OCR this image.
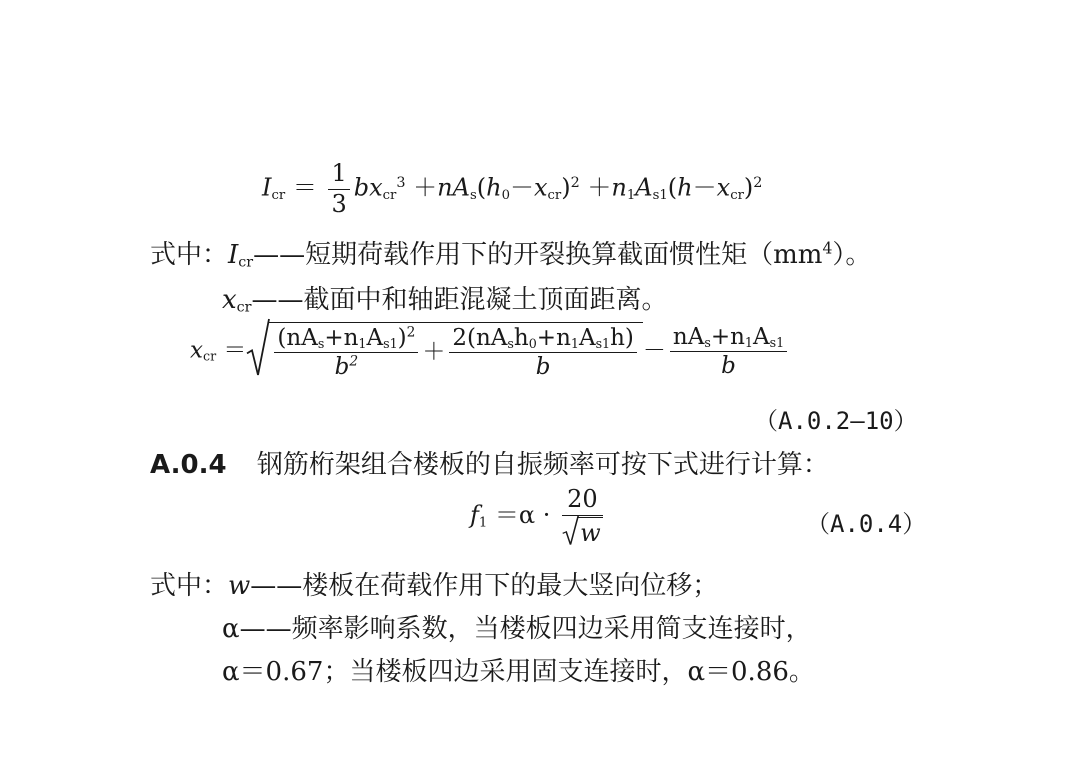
$I_{cr} = \frac{1}{3} bx_{cr}^3 +nA_s(h_0-x_{cr})^2 +n_1A_{s1}(h-x_{cr})^2$
式中：$I_{cr}——$短期荷载作用下的开裂换算截面惯性矩$(mm^4)$。
$x_{cr}——$截面中和轴距混凝土顶面距离。
$x_{cr} = \frac{(nA_s+n_1A_{s1})^2}{b^2} + \frac{2(nA_sh_0+n_1A_{s1}h)}{b} - \frac{nA_s+n_1A_{s1}}{b}$
（A.0.2—10）
A.0.4 钢筋桁架组合楼板的自振频率可按下式进行计算：
$f_1 =\alpha \cdot \frac{20}{w}$	（A.0.4）
式中：w——楼板在荷载作用下的最大竖向位移；
α——频率影响系数，当楼板四边采用简支连接时，
α＝0.67；当楼板四边采用固支连接时，α＝0.86。
